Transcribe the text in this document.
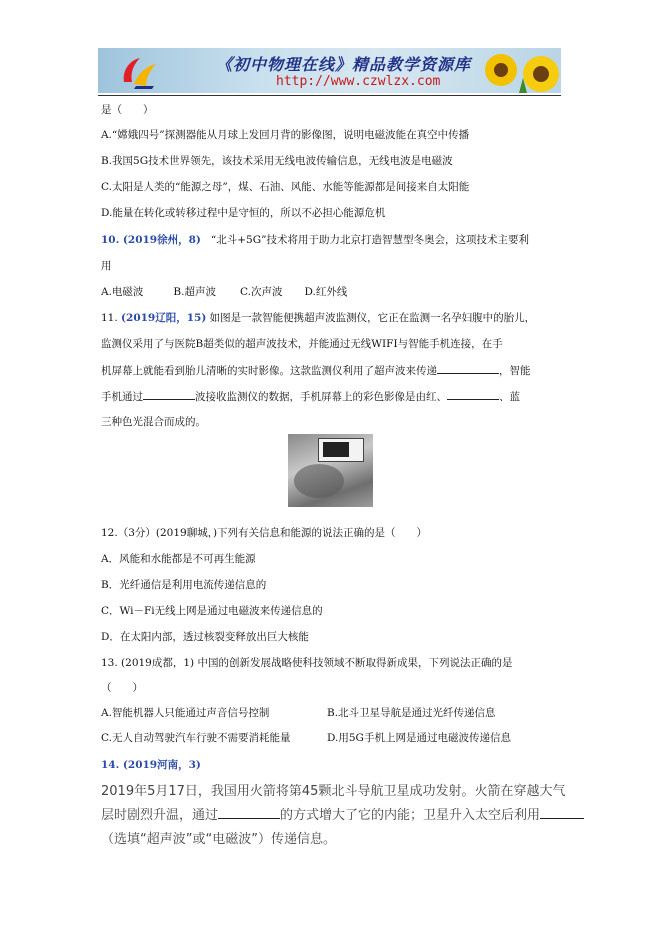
《初中物理在线》精品教学资源库
http://www.czwlzx.com
是（　　）
A.“嫦娥四号”探测器能从月球上发回月背的影像图，说明电磁波能在真空中传播
B.我国5G技术世界领先，该技术采用无线电波传输信息，无线电波是电磁波
C.太阳是人类的“能源之母”，煤、石油、风能、水能等能源都是间接来自太阳能
D.能量在转化或转移过程中是守恒的，所以不必担心能源危机
10. (2019徐州，8) “北斗+5G”技术将用于助力北京打造智慧型冬奥会，这项技术主要利
用
A.电磁波	B.超声波 C.次声波 D.红外线
11. (2019辽阳，15) 如图是一款智能便携超声波监测仪，它正在监测一名孕妇腹中的胎儿，
监测仪采用了与医院B超类似的超声波技术，并能通过无线WIFI与智能手机连接，在手
机屏幕上就能看到胎儿清晰的实时影像。这款监测仪利用了超声波来传递	，智能
手机通过	波接收监测仪的数据，手机屏幕上的彩色影像是由红、	、蓝
三种色光混合而成的。
12.（3分）(2019聊城，)下列有关信息和能源的说法正确的是（　　）
A．风能和水能都是不可再生能源
B．光纤通信是利用电流传递信息的
C．Wi－Fi无线上网是通过电磁波来传递信息的
D．在太阳内部，透过核裂变释放出巨大核能
13. (2019成都，1) 中国的创新发展战略使科技领域不断取得新成果，下列说法正确的是
（　　）
A.智能机器人只能通过声音信号控制	B.北斗卫星导航是通过光纤传递信息
C.无人自动驾驶汽车行驶不需要消耗能量	D.用5G手机上网是通过电磁波传递信息
14. (2019河南，3)
2019年5月17日，我国用火箭将第45颗北斗导航卫星成功发射。火箭在穿越大气
层时剧烈升温，通过	的方式增大了它的内能；卫星升入太空后利用
（选填“超声波”或“电磁波”）传递信息。
